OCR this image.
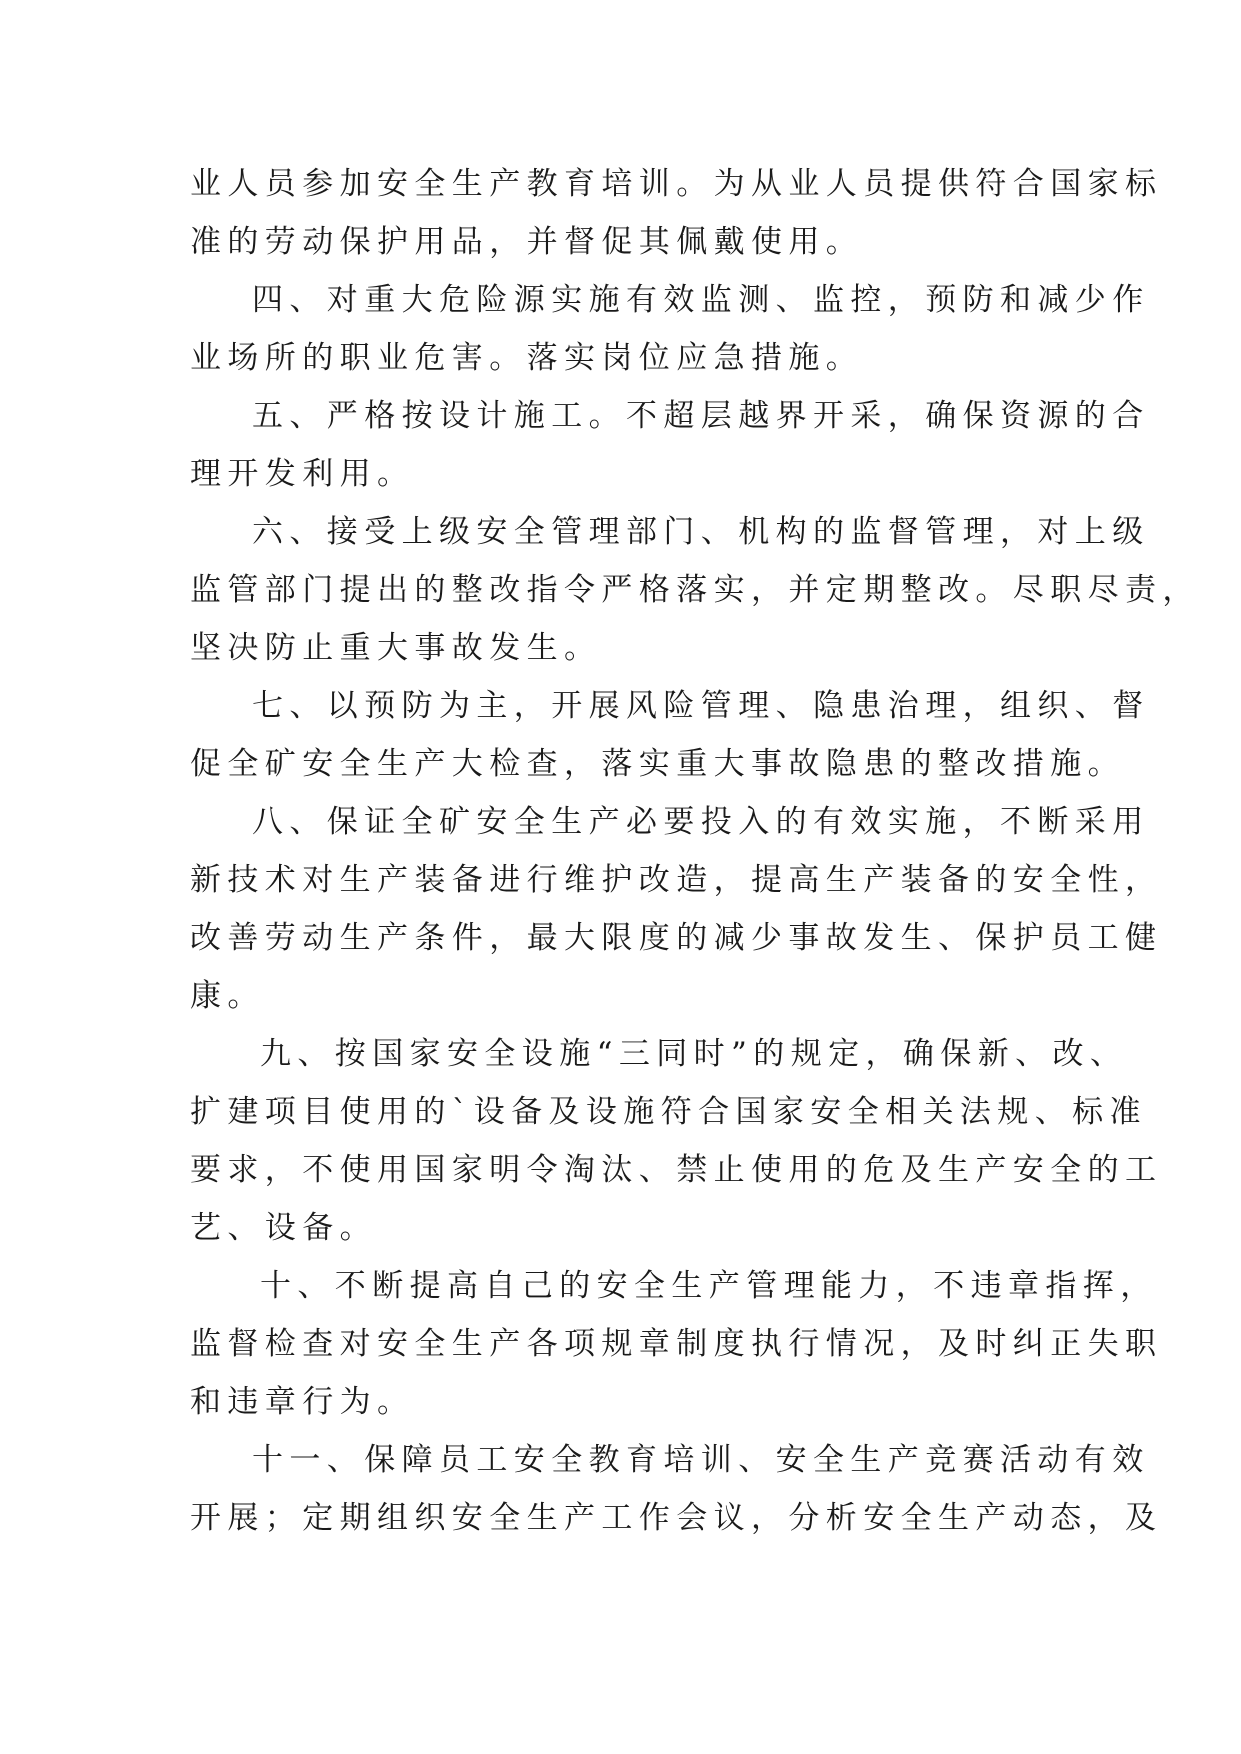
业人员参加安全生产教育培训。为从业人员提供符合国家标
准的劳动保护用品，并督促其佩戴使用。
四、对重大危险源实施有效监测、监控，预防和减少作
业场所的职业危害。落实岗位应急措施。
五、严格按设计施工。不超层越界开采，确保资源的合
理开发利用。
六、接受上级安全管理部门、机构的监督管理，对上级
监管部门提出的整改指令严格落实，并定期整改。尽职尽责，
坚决防止重大事故发生。
七、以预防为主，开展风险管理、隐患治理，组织、督
促全矿安全生产大检查，落实重大事故隐患的整改措施。
八、保证全矿安全生产必要投入的有效实施，不断采用
新技术对生产装备进行维护改造，提高生产装备的安全性，
改善劳动生产条件，最大限度的减少事故发生、保护员工健
康。
九、按国家安全设施“三同时”的规定，确保新、改、
扩建项目使用的`设备及设施符合国家安全相关法规、标准
要求，不使用国家明令淘汰、禁止使用的危及生产安全的工
艺、设备。
十、不断提高自己的安全生产管理能力，不违章指挥，
监督检查对安全生产各项规章制度执行情况，及时纠正失职
和违章行为。
十一、保障员工安全教育培训、安全生产竞赛活动有效
开展；定期组织安全生产工作会议，分析安全生产动态，及
